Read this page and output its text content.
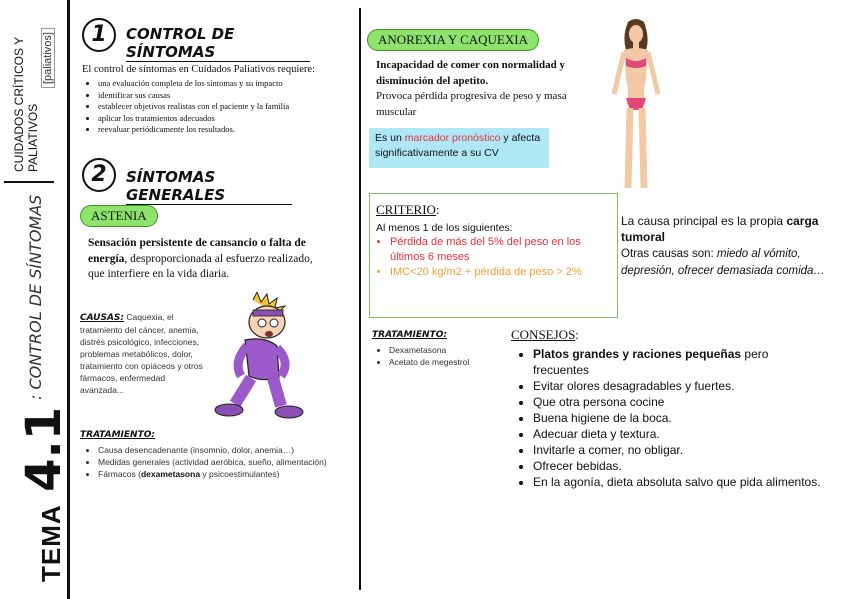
CUIDADOS CRÍTICOS Y PALIATIVOS
[paliativos]
TEMA 4.1
: CONTROL DE SÍNTOMAS
1	CONTROL DE SÍNTOMAS
El control de síntomas en Cuidados Paliativos requiere:
• una evaluación completa de los síntomas y su impacto
• identificar sus causas
• establecer objetivos realistas con el paciente y la familia
• aplicar los tratamientos adecuados
• reevaluar periódicamente los resultados.
2	SÍNTOMAS GENERALES
ASTENIA
Sensación persistente de cansancio o falta de energía, desproporcionada al esfuerzo realizado, que interfiere en la vida diaria.
CAUSAS: Caquexia, el tratamiento del cáncer, anemia, distrés psicológico, infecciones, problemas metabólicos, dolor, tratamiento con opiáceos y otros fármacos, enfermedad avanzada...
TRATAMIENTO:
• Causa desencadenante (insomnio, dolor, anemia…)
• Medidas generales (actividad aeróbica, sueño, alimentación)
• Fármacos (dexametasona y psicoestimulantes)
ANOREXIA Y CAQUEXIA
Incapacidad de comer con normalidad y disminución del apetito.
Provoca pérdida progresiva de peso y masa muscular
Es un marcador pronóstico y afecta significativamente a su CV
CRITERIO:
Al menos 1 de los siguientes:
• Pérdida de más del 5% del peso en los últimos 6 meses
• IMC<20 kg/m2 + pérdida de peso > 2%
La causa principal es la propia carga tumoral
Otras causas son: miedo al vómito, depresión, ofrecer demasiada comida…
TRATAMIENTO:
• Dexametasona
• Acetato de megestrol
CONSEJOS:
• Platos grandes y raciones pequeñas pero frecuentes
• Evitar olores desagradables y fuertes.
• Que otra persona cocine
• Buena higiene de la boca.
• Adecuar dieta y textura.
• Invitarle a comer, no obligar.
• Ofrecer bebidas.
• En la agonía, dieta absoluta salvo que pida alimentos.
